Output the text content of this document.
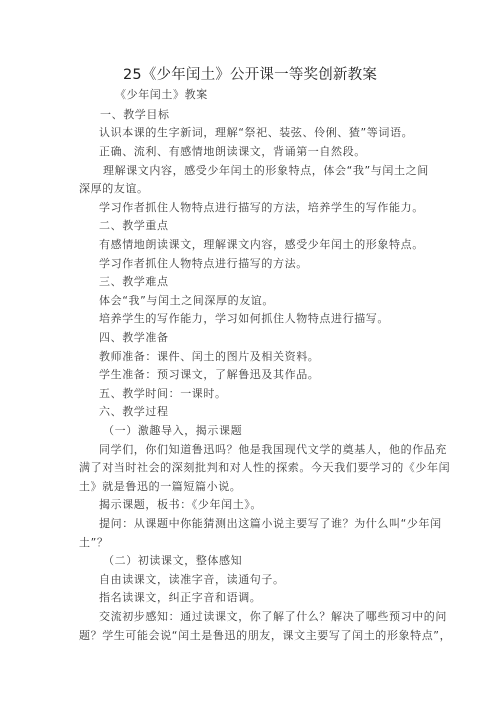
25《少年闰土》公开课一等奖创新教案
《少年闰土》教案
一、教学目标
认识本课的生字新词，理解“祭祀、装弦、伶俐、猹”等词语。
正确、流利、有感情地朗读课文，背诵第一自然段。
理解课文内容，感受少年闰土的形象特点，体会“我”与闰土之间
深厚的友谊。
学习作者抓住人物特点进行描写的方法，培养学生的写作能力。
二、教学重点
有感情地朗读课文，理解课文内容，感受少年闰土的形象特点。
学习作者抓住人物特点进行描写的方法。
三、教学难点
体会“我”与闰土之间深厚的友谊。
培养学生的写作能力，学习如何抓住人物特点进行描写。
四、教学准备
教师准备：课件、闰土的图片及相关资料。
学生准备：预习课文，了解鲁迅及其作品。
五、教学时间：一课时。
六、教学过程
（一）激趣导入，揭示课题
同学们，你们知道鲁迅吗？他是我国现代文学的奠基人，他的作品充
满了对当时社会的深刻批判和对人性的探索。今天我们要学习的《少年闰
土》就是鲁迅的一篇短篇小说。
揭示课题，板书：《少年闰土》。
提问：从课题中你能猜测出这篇小说主要写了谁？为什么叫“少年闰
土”？
（二）初读课文，整体感知
自由读课文，读准字音，读通句子。
指名读课文，纠正字音和语调。
交流初步感知：通过读课文，你了解了什么？解决了哪些预习中的问
题？学生可能会说“闰土是鲁迅的朋友，课文主要写了闰土的形象特点”，
